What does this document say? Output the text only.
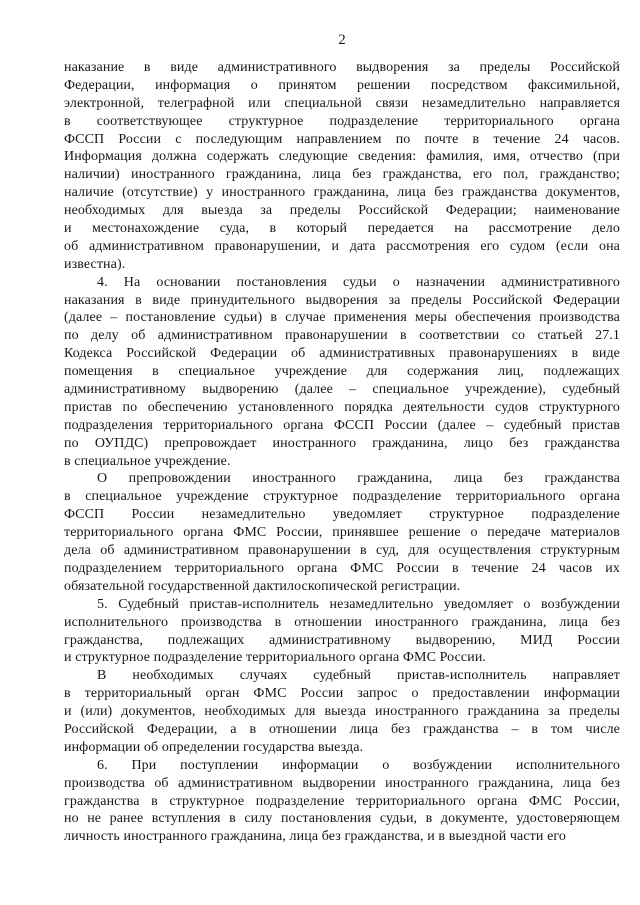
2
наказание в виде административного выдворения за пределы Российской
Федерации, информация о принятом решении посредством факсимильной,
электронной, телеграфной или специальной связи незамедлительно направляется
в соответствующее структурное подразделение территориального органа
ФССП России с последующим направлением по почте в течение 24 часов.
Информация должна содержать следующие сведения: фамилия, имя, отчество (при
наличии) иностранного гражданина, лица без гражданства, его пол, гражданство;
наличие (отсутствие) у иностранного гражданина, лица без гражданства документов,
необходимых для выезда за пределы Российской Федерации; наименование
и местонахождение суда, в который передается на рассмотрение дело
об административном правонарушении, и дата рассмотрения его судом (если она
известна).
4. На основании постановления судьи о назначении административного
наказания в виде принудительного выдворения за пределы Российской Федерации
(далее – постановление судьи) в случае применения меры обеспечения производства
по делу об административном правонарушении в соответствии со статьей 27.1
Кодекса Российской Федерации об административных правонарушениях в виде
помещения в специальное учреждение для содержания лиц, подлежащих
административному выдворению (далее – специальное учреждение), судебный
пристав по обеспечению установленного порядка деятельности судов структурного
подразделения территориального органа ФССП России (далее – судебный пристав
по ОУПДС) препровождает иностранного гражданина, лицо без гражданства
в специальное учреждение.
О препровождении иностранного гражданина, лица без гражданства
в специальное учреждение структурное подразделение территориального органа
ФССП России незамедлительно уведомляет структурное подразделение
территориального органа ФМС России, принявшее решение о передаче материалов
дела об административном правонарушении в суд, для осуществления структурным
подразделением территориального органа ФМС России в течение 24 часов их
обязательной государственной дактилоскопической регистрации.
5. Судебный пристав-исполнитель незамедлительно уведомляет о возбуждении
исполнительного производства в отношении иностранного гражданина, лица без
гражданства, подлежащих административному выдворению, МИД России
и структурное подразделение территориального органа ФМС России.
В необходимых случаях судебный пристав-исполнитель направляет
в территориальный орган ФМС России запрос о предоставлении информации
и (или) документов, необходимых для выезда иностранного гражданина за пределы
Российской Федерации, а в отношении лица без гражданства – в том числе
информации об определении государства выезда.
6. При поступлении информации о возбуждении исполнительного
производства об административном выдворении иностранного гражданина, лица без
гражданства в структурное подразделение территориального органа ФМС России,
но не ранее вступления в силу постановления судьи, в документе, удостоверяющем
личность иностранного гражданина, лица без гражданства, и в выездной части его
